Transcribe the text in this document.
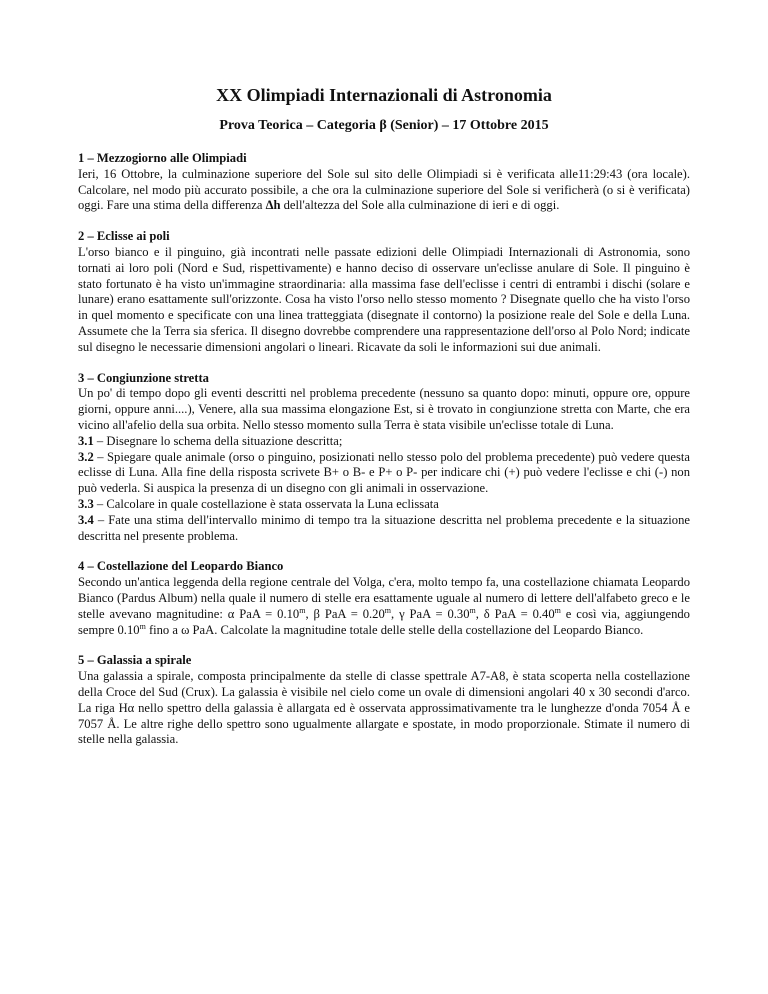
XX Olimpiadi Internazionali di Astronomia
Prova Teorica – Categoria β (Senior) – 17 Ottobre 2015
1 – Mezzogiorno alle Olimpiadi

Ieri, 16 Ottobre, la culminazione superiore del Sole sul sito delle Olimpiadi si è verificata alle11:29:43 (ora locale). Calcolare, nel modo più accurato possibile, a che ora la culminazione superiore del Sole si verificherà (o si è verificata) oggi. Fare una stima della differenza Δh dell'altezza del Sole alla culminazione di ieri e di oggi.

2 – Eclisse ai poli

L'orso bianco e il pinguino, già incontrati nelle passate edizioni delle Olimpiadi Internazionali di Astronomia, sono tornati ai loro poli (Nord e Sud, rispettivamente) e hanno deciso di osservare un'eclisse anulare di Sole. Il pinguino è stato fortunato è ha visto un'immagine straordinaria: alla massima fase dell'eclisse i centri di entrambi i dischi (solare e lunare) erano esattamente sull'orizzonte. Cosa ha visto l'orso nello stesso momento ? Disegnate quello che ha visto l'orso in quel momento e specificate con una linea tratteggiata (disegnate il contorno) la posizione reale del Sole e della Luna. Assumete che la Terra sia sferica. Il disegno dovrebbe comprendere una rappresentazione dell'orso al Polo Nord; indicate sul disegno le necessarie dimensioni angolari o lineari. Ricavate da soli le informazioni sui due animali.

3 – Congiunzione stretta

Un po' di tempo dopo gli eventi descritti nel problema precedente (nessuno sa quanto dopo: minuti, oppure ore, oppure giorni, oppure anni....), Venere, alla sua massima elongazione Est, si è trovato in congiunzione stretta con Marte, che era vicino all'afelio della sua orbita. Nello stesso momento sulla Terra è stata visibile un'eclisse totale di Luna.

3.1 – Disegnare lo schema della situazione descritta;

3.2 – Spiegare quale animale (orso o pinguino, posizionati nello stesso polo del problema precedente) può vedere questa eclisse di Luna. Alla fine della risposta scrivete B+ o B- e P+ o P- per indicare chi (+) può vedere l'eclisse e chi (-) non può vederla. Si auspica la presenza di un disegno con gli animali in osservazione.

3.3 – Calcolare in quale costellazione è stata osservata la Luna eclissata

3.4 – Fate una stima dell'intervallo minimo di tempo tra la situazione descritta nel problema precedente e la situazione descritta nel presente problema.

4 – Costellazione del Leopardo Bianco

Secondo un'antica leggenda della regione centrale del Volga, c'era, molto tempo fa, una costellazione chiamata Leopardo Bianco (Pardus Album) nella quale il numero di stelle era esattamente uguale al numero di lettere dell'alfabeto greco e le stelle avevano magnitudine: α PaA = $0.10^m$, β PaA = $0.20^m$, γ PaA = $0.30^m$, δ PaA = $0.40^m$ e così via, aggiungendo sempre 0.10$^m$ fino a ω PaA. Calcolate la magnitudine totale delle stelle della costellazione del Leopardo Bianco.

5 – Galassia a spirale

Una galassia a spirale, composta principalmente da stelle di classe spettrale A7-A8, è stata scoperta nella costellazione della Croce del Sud (Crux). La galassia è visibile nel cielo come un ovale di dimensioni angolari 40 x 30 secondi d'arco. La riga Hα nello spettro della galassia è allargata ed è osservata approssimativamente tra le lunghezze d'onda 7054 Å e 7057 Å. Le altre righe dello spettro sono ugualmente allargate e spostate, in modo proporzionale. Stimate il numero di stelle nella galassia.
